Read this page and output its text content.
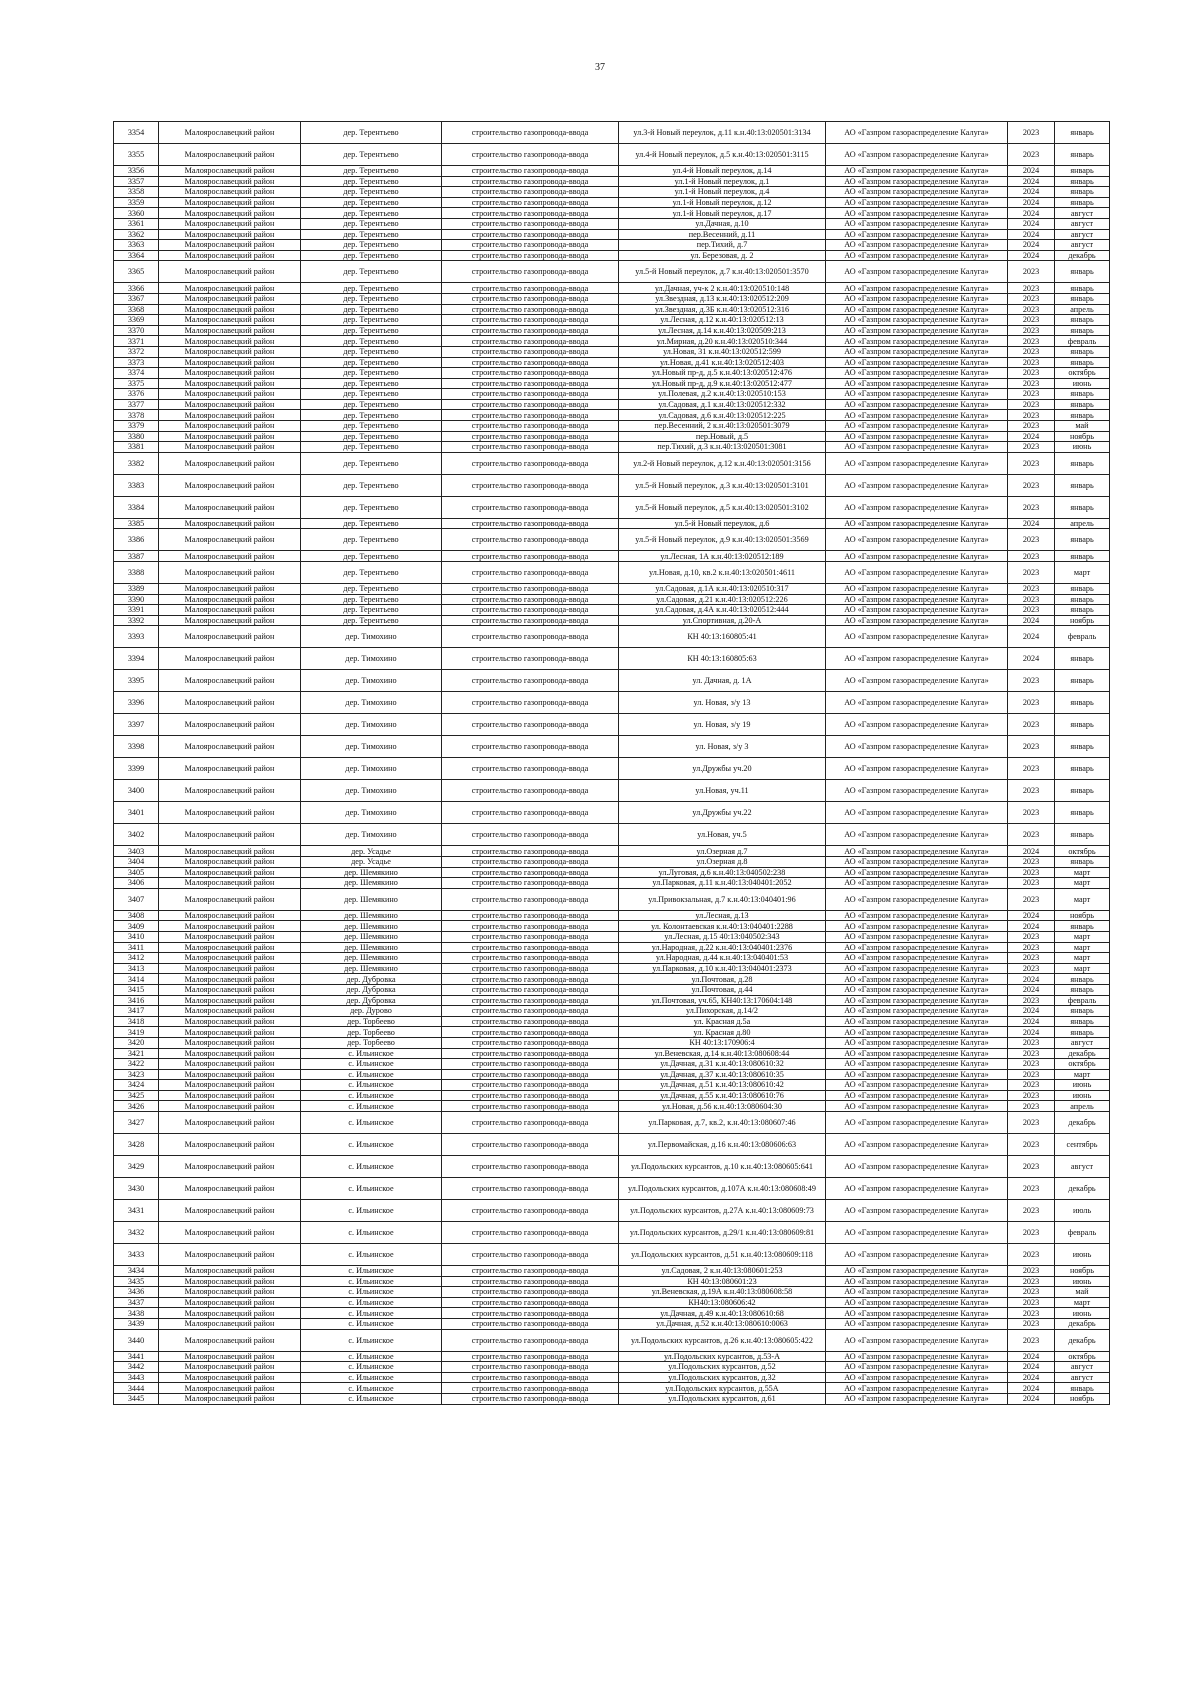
37
3354	Малоярославецкий район	дер. Терентьево	строительство газопровода-ввода	ул.3-й Новый переулок, д.11 к.н.40:13:020501:3134	АО «Газпром газораспределение Калуга»	2023	январь
3355	Малоярославецкий район	дер. Терентьево	строительство газопровода-ввода	ул.4-й Новый переулок, д.5 к.н.40:13:020501:3115	АО «Газпром газораспределение Калуга»	2023	январь
3356	Малоярославецкий район	дер. Терентьево	строительство газопровода-ввода	ул.4-й Новый переулок, д.14	АО «Газпром газораспределение Калуга»	2024	январь
3357	Малоярославецкий район	дер. Терентьево	строительство газопровода-ввода	ул.1-й Новый переулок, д.1	АО «Газпром газораспределение Калуга»	2024	январь
3358	Малоярославецкий район	дер. Терентьево	строительство газопровода-ввода	ул.1-й Новый переулок, д.4	АО «Газпром газораспределение Калуга»	2024	январь
3359	Малоярославецкий район	дер. Терентьево	строительство газопровода-ввода	ул.1-й Новый переулок, д.12	АО «Газпром газораспределение Калуга»	2024	январь
3360	Малоярославецкий район	дер. Терентьево	строительство газопровода-ввода	ул.1-й Новый переулок, д.17	АО «Газпром газораспределение Калуга»	2024	август
3361	Малоярославецкий район	дер. Терентьево	строительство газопровода-ввода	ул.Дачная, д.10	АО «Газпром газораспределение Калуга»	2024	август
3362	Малоярославецкий район	дер. Терентьево	строительство газопровода-ввода	пер.Весенний, д.11	АО «Газпром газораспределение Калуга»	2024	август
3363	Малоярославецкий район	дер. Терентьево	строительство газопровода-ввода	пер.Тихий, д.7	АО «Газпром газораспределение Калуга»	2024	август
3364	Малоярославецкий район	дер. Терентьево	строительство газопровода-ввода	ул. Березовая, д. 2	АО «Газпром газораспределение Калуга»	2024	декабрь
3365	Малоярославецкий район	дер. Терентьево	строительство газопровода-ввода	ул.5-й Новый переулок, д.7 к.н.40:13:020501:3570	АО «Газпром газораспределение Калуга»	2023	январь
3366	Малоярославецкий район	дер. Терентьево	строительство газопровода-ввода	ул.Дачная, уч-к 2 к.н.40:13:020510:148	АО «Газпром газораспределение Калуга»	2023	январь
3367	Малоярославецкий район	дер. Терентьево	строительство газопровода-ввода	ул.Звездная, д.13 к.н.40:13:020512:209	АО «Газпром газораспределение Калуга»	2023	январь
3368	Малоярославецкий район	дер. Терентьево	строительство газопровода-ввода	ул.Звездная, д.3Б к.н.40:13:020512:316	АО «Газпром газораспределение Калуга»	2023	апрель
3369	Малоярославецкий район	дер. Терентьево	строительство газопровода-ввода	ул.Лесная, д.12 к.н.40:13:020512:13	АО «Газпром газораспределение Калуга»	2023	январь
3370	Малоярославецкий район	дер. Терентьево	строительство газопровода-ввода	ул.Лесная, д.14 к.н.40:13:020509:213	АО «Газпром газораспределение Калуга»	2023	январь
3371	Малоярославецкий район	дер. Терентьево	строительство газопровода-ввода	ул.Мирная, д.20 к.н.40:13:020510:344	АО «Газпром газораспределение Калуга»	2023	февраль
3372	Малоярославецкий район	дер. Терентьево	строительство газопровода-ввода	ул.Новая, 31 к.н.40:13:020512:599	АО «Газпром газораспределение Калуга»	2023	январь
3373	Малоярославецкий район	дер. Терентьево	строительство газопровода-ввода	ул.Новая, д.41 к.н.40:13:020512:403	АО «Газпром газораспределение Калуга»	2023	январь
3374	Малоярославецкий район	дер. Терентьево	строительство газопровода-ввода	ул.Новый пр-д, д.5 к.н.40:13:020512:476	АО «Газпром газораспределение Калуга»	2023	октябрь
3375	Малоярославецкий район	дер. Терентьево	строительство газопровода-ввода	ул.Новый пр-д, д.9 к.н.40:13:020512:477	АО «Газпром газораспределение Калуга»	2023	июнь
3376	Малоярославецкий район	дер. Терентьево	строительство газопровода-ввода	ул.Полевая, д.2 к.н.40:13:020510:153	АО «Газпром газораспределение Калуга»	2023	январь
3377	Малоярославецкий район	дер. Терентьево	строительство газопровода-ввода	ул.Садовая, д.1 к.н.40:13:020512:332	АО «Газпром газораспределение Калуга»	2023	январь
3378	Малоярославецкий район	дер. Терентьево	строительство газопровода-ввода	ул.Садовая, д.6 к.н.40:13:020512:225	АО «Газпром газораспределение Калуга»	2023	январь
3379	Малоярославецкий район	дер. Терентьево	строительство газопровода-ввода	пер.Весенний, 2 к.н.40:13:020501:3079	АО «Газпром газораспределение Калуга»	2023	май
3380	Малоярославецкий район	дер. Терентьево	строительство газопровода-ввода	пер.Новый, д.5	АО «Газпром газораспределение Калуга»	2024	ноябрь
3381	Малоярославецкий район	дер. Терентьево	строительство газопровода-ввода	пер.Тихий, д.3 к.н.40:13:020501:3081	АО «Газпром газораспределение Калуга»	2023	июнь
3382	Малоярославецкий район	дер. Терентьево	строительство газопровода-ввода	ул.2-й Новый переулок, д.12 к.н.40:13:020501:3156	АО «Газпром газораспределение Калуга»	2023	январь
3383	Малоярославецкий район	дер. Терентьево	строительство газопровода-ввода	ул.5-й Новый переулок, д.3 к.н.40:13:020501:3101	АО «Газпром газораспределение Калуга»	2023	январь
3384	Малоярославецкий район	дер. Терентьево	строительство газопровода-ввода	ул.5-й Новый переулок, д.5 к.н.40:13:020501:3102	АО «Газпром газораспределение Калуга»	2023	январь
3385	Малоярославецкий район	дер. Терентьево	строительство газопровода-ввода	ул.5-й Новый переулок, д.6	АО «Газпром газораспределение Калуга»	2024	апрель
3386	Малоярославецкий район	дер. Терентьево	строительство газопровода-ввода	ул.5-й Новый переулок, д.9 к.н.40:13:020501:3569	АО «Газпром газораспределение Калуга»	2023	январь
3387	Малоярославецкий район	дер. Терентьево	строительство газопровода-ввода	ул.Лесная, 1А к.н.40:13:020512:189	АО «Газпром газораспределение Калуга»	2023	январь
3388	Малоярославецкий район	дер. Терентьево	строительство газопровода-ввода	ул.Новая, д.10, кв.2 к.н.40:13:020501:4611	АО «Газпром газораспределение Калуга»	2023	март
3389	Малоярославецкий район	дер. Терентьево	строительство газопровода-ввода	ул.Садовая, д.1А к.н.40:13:020510:317	АО «Газпром газораспределение Калуга»	2023	январь
3390	Малоярославецкий район	дер. Терентьево	строительство газопровода-ввода	ул.Садовая, д.21 к.н.40:13:020512:226	АО «Газпром газораспределение Калуга»	2023	январь
3391	Малоярославецкий район	дер. Терентьево	строительство газопровода-ввода	ул.Садовая, д.4А к.н.40:13:020512:444	АО «Газпром газораспределение Калуга»	2023	январь
3392	Малоярославецкий район	дер. Терентьево	строительство газопровода-ввода	ул.Спортивная, д.20-А	АО «Газпром газораспределение Калуга»	2024	ноябрь
3393	Малоярославецкий район	дер. Тимохино	строительство газопровода-ввода	КН 40:13:160805:41	АО «Газпром газораспределение Калуга»	2024	февраль
3394	Малоярославецкий район	дер. Тимохино	строительство газопровода-ввода	КН 40:13:160805:63	АО «Газпром газораспределение Калуга»	2024	январь
3395	Малоярославецкий район	дер. Тимохино	строительство газопровода-ввода	ул. Дачная, д. 1А	АО «Газпром газораспределение Калуга»	2023	январь
3396	Малоярославецкий район	дер. Тимохино	строительство газопровода-ввода	ул. Новая, з/у 13	АО «Газпром газораспределение Калуга»	2023	январь
3397	Малоярославецкий район	дер. Тимохино	строительство газопровода-ввода	ул. Новая, з/у 19	АО «Газпром газораспределение Калуга»	2023	январь
3398	Малоярославецкий район	дер. Тимохино	строительство газопровода-ввода	ул. Новая, з/у 3	АО «Газпром газораспределение Калуга»	2023	январь
3399	Малоярославецкий район	дер. Тимохино	строительство газопровода-ввода	ул.Дружбы уч.20	АО «Газпром газораспределение Калуга»	2023	январь
3400	Малоярославецкий район	дер. Тимохино	строительство газопровода-ввода	ул.Новая, уч.11	АО «Газпром газораспределение Калуга»	2023	январь
3401	Малоярославецкий район	дер. Тимохино	строительство газопровода-ввода	ул.Дружбы уч.22	АО «Газпром газораспределение Калуга»	2023	январь
3402	Малоярославецкий район	дер. Тимохино	строительство газопровода-ввода	ул.Новая, уч.5	АО «Газпром газораспределение Калуга»	2023	январь
3403	Малоярославецкий район	дер. Усадье	строительство газопровода-ввода	ул.Озерная д.7	АО «Газпром газораспределение Калуга»	2024	октябрь
3404	Малоярославецкий район	дер. Усадье	строительство газопровода-ввода	ул.Озерная д.8	АО «Газпром газораспределение Калуга»	2023	январь
3405	Малоярославецкий район	дер. Шемякино	строительство газопровода-ввода	ул.Луговая, д.6 к.н.40:13:040502:238	АО «Газпром газораспределение Калуга»	2023	март
3406	Малоярославецкий район	дер. Шемякино	строительство газопровода-ввода	ул.Парковая, д.11 к.н.40:13:040401:2052	АО «Газпром газораспределение Калуга»	2023	март
3407	Малоярославецкий район	дер. Шемякино	строительство газопровода-ввода	ул.Привокзальная, д.7 к.н.40:13:040401:96	АО «Газпром газораспределение Калуга»	2023	март
3408	Малоярославецкий район	дер. Шемякино	строительство газопровода-ввода	ул.Лесная, д.13	АО «Газпром газораспределение Калуга»	2024	ноябрь
3409	Малоярославецкий район	дер. Шемякино	строительство газопровода-ввода	ул. Колонтаевская к.н.40:13:040401:2288	АО «Газпром газораспределение Калуга»	2024	январь
3410	Малоярославецкий район	дер. Шемякино	строительство газопровода-ввода	ул.Лесная, д.15 40:13:040502:343	АО «Газпром газораспределение Калуга»	2023	март
3411	Малоярославецкий район	дер. Шемякино	строительство газопровода-ввода	ул.Народная, д.22 к.н.40:13:040401:2376	АО «Газпром газораспределение Калуга»	2023	март
3412	Малоярославецкий район	дер. Шемякино	строительство газопровода-ввода	ул.Народная, д.44 к.н.40:13:040401:53	АО «Газпром газораспределение Калуга»	2023	март
3413	Малоярославецкий район	дер. Шемякино	строительство газопровода-ввода	ул.Парковая, д.10 к.н.40:13:040401:2373	АО «Газпром газораспределение Калуга»	2023	март
3414	Малоярославецкий район	дер. Дубровка	строительство газопровода-ввода	ул.Почтовая, д.28	АО «Газпром газораспределение Калуга»	2024	январь
3415	Малоярославецкий район	дер. Дубровка	строительство газопровода-ввода	ул.Почтовая, д.44	АО «Газпром газораспределение Калуга»	2024	январь
3416	Малоярославецкий район	дер. Дубровка	строительство газопровода-ввода	ул.Почтовая, уч.65, КН40:13:170604:148	АО «Газпром газораспределение Калуга»	2023	февраль
3417	Малоярославецкий район	дер. Дурово	строительство газопровода-ввода	ул.Пихорская, д.14/2	АО «Газпром газораспределение Калуга»	2024	январь
3418	Малоярославецкий район	дер. Торбеево	строительство газопровода-ввода	ул. Красная д.5а	АО «Газпром газораспределение Калуга»	2024	январь
3419	Малоярославецкий район	дер. Торбеево	строительство газопровода-ввода	ул. Красная д.80	АО «Газпром газораспределение Калуга»	2024	январь
3420	Малоярославецкий район	дер. Торбеево	строительство газопровода-ввода	КН 40:13:170906:4	АО «Газпром газораспределение Калуга»	2023	август
3421	Малоярославецкий район	с. Ильинское	строительство газопровода-ввода	ул.Веневская, д.14 к.н.40:13:080608:44	АО «Газпром газораспределение Калуга»	2023	декабрь
3422	Малоярославецкий район	с. Ильинское	строительство газопровода-ввода	ул.Дачная, д.31 к.н.40:13:080610:32	АО «Газпром газораспределение Калуга»	2023	октябрь
3423	Малоярославецкий район	с. Ильинское	строительство газопровода-ввода	ул.Дачная, д.37 к.н.40:13:080610:35	АО «Газпром газораспределение Калуга»	2023	март
3424	Малоярославецкий район	с. Ильинское	строительство газопровода-ввода	ул.Дачная, д.51 к.н.40:13:080610:42	АО «Газпром газораспределение Калуга»	2023	июнь
3425	Малоярославецкий район	с. Ильинское	строительство газопровода-ввода	ул.Дачная, д.55 к.н.40:13:080610:76	АО «Газпром газораспределение Калуга»	2023	июнь
3426	Малоярославецкий район	с. Ильинское	строительство газопровода-ввода	ул.Новая, д.56 к.н.40:13:080604:30	АО «Газпром газораспределение Калуга»	2023	апрель
3427	Малоярославецкий район	с. Ильинское	строительство газопровода-ввода	ул.Парковая, д.7, кв.2, к.н.40:13:080607:46	АО «Газпром газораспределение Калуга»	2023	декабрь
3428	Малоярославецкий район	с. Ильинское	строительство газопровода-ввода	ул.Первомайская, д.16 к.н.40:13:080606:63	АО «Газпром газораспределение Калуга»	2023	сентябрь
3429	Малоярославецкий район	с. Ильинское	строительство газопровода-ввода	ул.Подольских курсантов, д.10 к.н.40:13:080605:641	АО «Газпром газораспределение Калуга»	2023	август
3430	Малоярославецкий район	с. Ильинское	строительство газопровода-ввода	ул.Подольских курсантов, д.107А к.н.40:13:080608:49	АО «Газпром газораспределение Калуга»	2023	декабрь
3431	Малоярославецкий район	с. Ильинское	строительство газопровода-ввода	ул.Подольских курсантов, д.27А к.н.40:13:080609:73	АО «Газпром газораспределение Калуга»	2023	июль
3432	Малоярославецкий район	с. Ильинское	строительство газопровода-ввода	ул.Подольских курсантов, д.29/1 к.н.40:13:080609:81	АО «Газпром газораспределение Калуга»	2023	февраль
3433	Малоярославецкий район	с. Ильинское	строительство газопровода-ввода	ул.Подольских курсантов, д.51 к.н.40:13:080609:118	АО «Газпром газораспределение Калуга»	2023	июнь
3434	Малоярославецкий район	с. Ильинское	строительство газопровода-ввода	ул.Садовая, 2 к.н.40:13:080601:253	АО «Газпром газораспределение Калуга»	2023	ноябрь
3435	Малоярославецкий район	с. Ильинское	строительство газопровода-ввода	КН 40:13:080601:23	АО «Газпром газораспределение Калуга»	2023	июнь
3436	Малоярославецкий район	с. Ильинское	строительство газопровода-ввода	ул.Веневская, д.19А к.н.40:13:080608:58	АО «Газпром газораспределение Калуга»	2023	май
3437	Малоярославецкий район	с. Ильинское	строительство газопровода-ввода	КН40:13:080606:42	АО «Газпром газораспределение Калуга»	2023	март
3438	Малоярославецкий район	с. Ильинское	строительство газопровода-ввода	ул.Дачная, д.49 к.н.40:13:080610:68	АО «Газпром газораспределение Калуга»	2023	июнь
3439	Малоярославецкий район	с. Ильинское	строительство газопровода-ввода	ул.Дачная, д.52 к.н.40:13:080610:0063	АО «Газпром газораспределение Калуга»	2023	декабрь
3440	Малоярославецкий район	с. Ильинское	строительство газопровода-ввода	ул.Подольских курсантов, д.26 к.н.40:13:080605:422	АО «Газпром газораспределение Калуга»	2023	декабрь
3441	Малоярославецкий район	с. Ильинское	строительство газопровода-ввода	ул.Подольских курсантов, д.53-А	АО «Газпром газораспределение Калуга»	2024	октябрь
3442	Малоярославецкий район	с. Ильинское	строительство газопровода-ввода	ул.Подольских курсантов, д.52	АО «Газпром газораспределение Калуга»	2024	август
3443	Малоярославецкий район	с. Ильинское	строительство газопровода-ввода	ул.Подольских курсантов, д.32	АО «Газпром газораспределение Калуга»	2024	август
3444	Малоярославецкий район	с. Ильинское	строительство газопровода-ввода	ул.Подольских курсантов, д.55А	АО «Газпром газораспределение Калуга»	2024	январь
3445	Малоярославецкий район	с. Ильинское	строительство газопровода-ввода	ул.Подольских курсантов, д.61	АО «Газпром газораспределение Калуга»	2024	ноябрь
